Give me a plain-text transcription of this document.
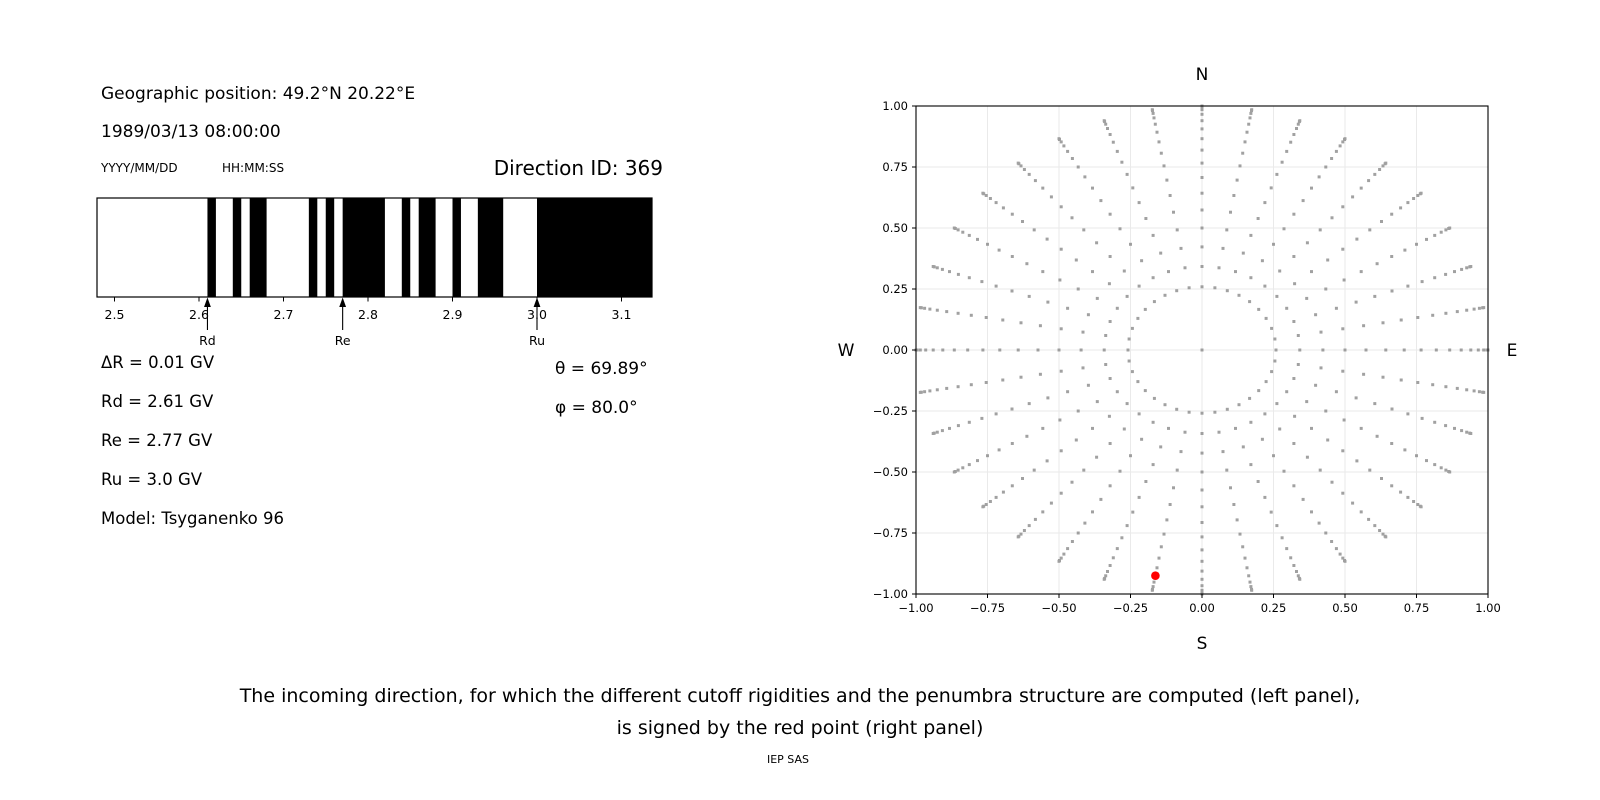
2.5	2.6	2.7	2.8	2.9	3.0	3.1
Rd	Re	Ru
−1.00	−0.75	−0.50	−0.25	0.00	0.25	0.50	0.75	1.00
−1.00
−0.75
−0.50
−0.25
0.00
0.25
0.50
0.75
1.00
N
S
W	E
Geographic position: 49.2°N 20.22°E
1989/03/13 08:00:00
YYYY/MM/DD	HH:MM:SS	Direction ID: 369
ΔR = 0.01 GV
Rd = 2.61 GV
Re = 2.77 GV
Ru = 3.0 GV
Model: Tsyganenko 96
θ = 69.89°
φ = 80.0°
The incoming direction, for which the different cutoff rigidities and the penumbra structure are computed (left panel),
is signed by the red point (right panel)
IEP SAS
